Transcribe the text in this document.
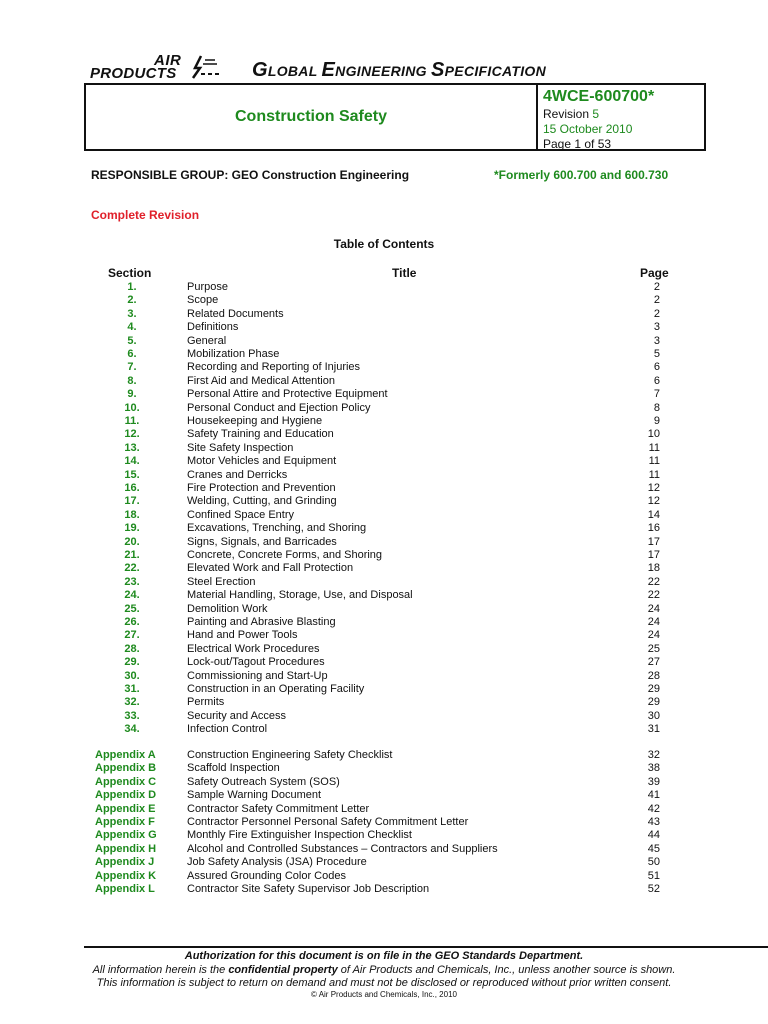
AIR
PRODUCTS	GLOBAL ENGINEERING SPECIFICATION
Construction Safety
4WCE-600700*
Revision 5
15 October 2010
Page 1 of 53
RESPONSIBLE GROUP: GEO Construction Engineering	*Formerly 600.700 and 600.730
Complete Revision
Table of Contents
Section	Title	Page
1.	Purpose	2
2.	Scope	2
3.	Related Documents	2
4.	Definitions	3
5.	General	3
6.	Mobilization Phase	5
7.	Recording and Reporting of Injuries	6
8.	First Aid and Medical Attention	6
9.	Personal Attire and Protective Equipment	7
10.	Personal Conduct and Ejection Policy	8
11.	Housekeeping and Hygiene	9
12.	Safety Training and Education	10
13.	Site Safety Inspection	11
14.	Motor Vehicles and Equipment	11
15.	Cranes and Derricks	11
16.	Fire Protection and Prevention	12
17.	Welding, Cutting, and Grinding	12
18.	Confined Space Entry	14
19.	Excavations, Trenching, and Shoring	16
20.	Signs, Signals, and Barricades	17
21.	Concrete, Concrete Forms, and Shoring	17
22.	Elevated Work and Fall Protection	18
23.	Steel Erection	22
24.	Material Handling, Storage, Use, and Disposal	22
25.	Demolition Work	24
26.	Painting and Abrasive Blasting	24
27.	Hand and Power Tools	24
28.	Electrical Work Procedures	25
29.	Lock-out/Tagout Procedures	27
30.	Commissioning and Start-Up	28
31.	Construction in an Operating Facility	29
32.	Permits	29
33.	Security and Access	30
34.	Infection Control	31
Appendix A	Construction Engineering Safety Checklist	32
Appendix B	Scaffold Inspection	38
Appendix C	Safety Outreach System (SOS)	39
Appendix D	Sample Warning Document	41
Appendix E	Contractor Safety Commitment Letter	42
Appendix F	Contractor Personnel Personal Safety Commitment Letter	43
Appendix G	Monthly Fire Extinguisher Inspection Checklist	44
Appendix H	Alcohol and Controlled Substances – Contractors and Suppliers	45
Appendix J	Job Safety Analysis (JSA) Procedure	50
Appendix K	Assured Grounding Color Codes	51
Appendix L	Contractor Site Safety Supervisor Job Description	52
Authorization for this document is on file in the GEO Standards Department.
All information herein is the confidential property of Air Products and Chemicals, Inc., unless another source is shown.
This information is subject to return on demand and must not be disclosed or reproduced without prior written consent.
© Air Products and Chemicals, Inc., 2010
